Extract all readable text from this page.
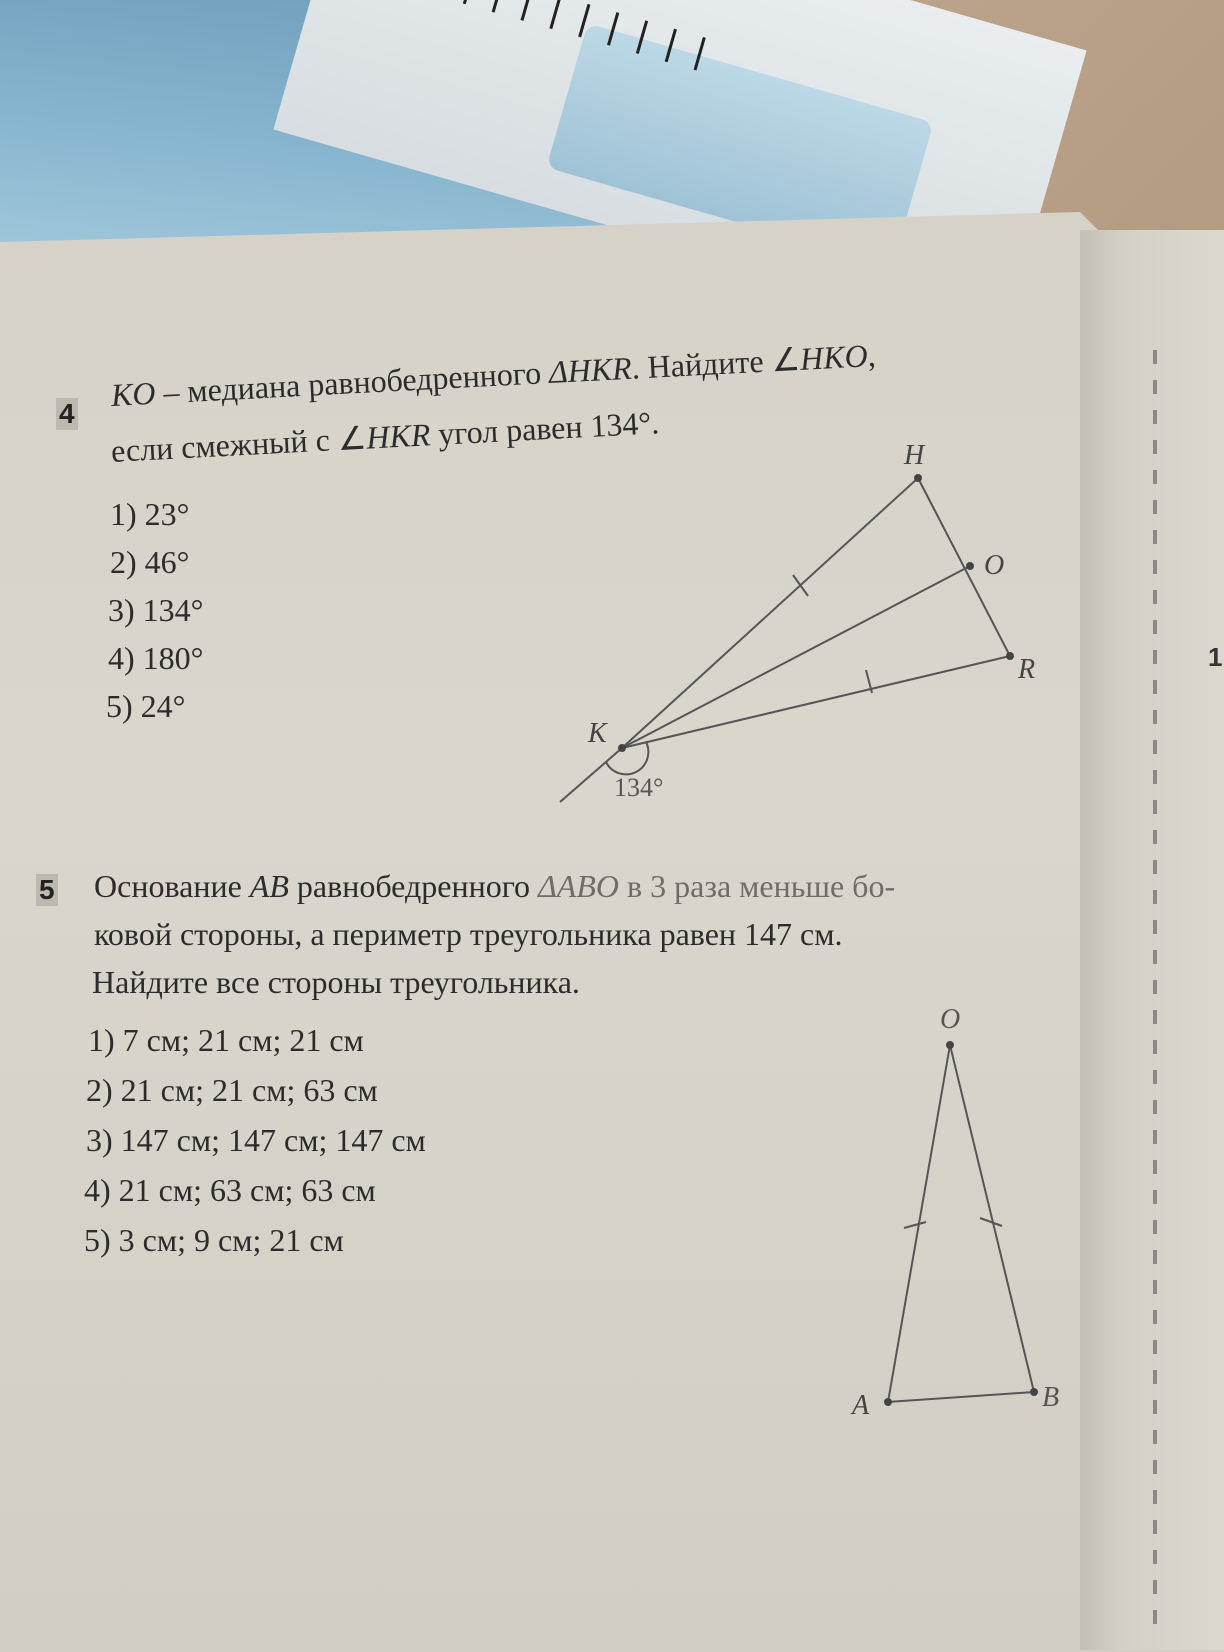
1
4
KO – медиана равнобедренного ΔHKR. Найдите ∠HKO,
если смежный с ∠HKR угол равен 134°.
1) 23°
2) 46°
3) 134°
4) 180°
5) 24°
H
O
R
K
134°
5 Основание AB равнобедренного ΔABO в 3 раза меньше бо-
ковой стороны, а периметр треугольника равен 147 см.
Найдите все стороны треугольника.
1) 7 см; 21 см; 21 см
2) 21 см; 21 см; 63 см
3) 147 см; 147 см; 147 см
4) 21 см; 63 см; 63 см
5) 3 см; 9 см; 21 см
O
A	B
